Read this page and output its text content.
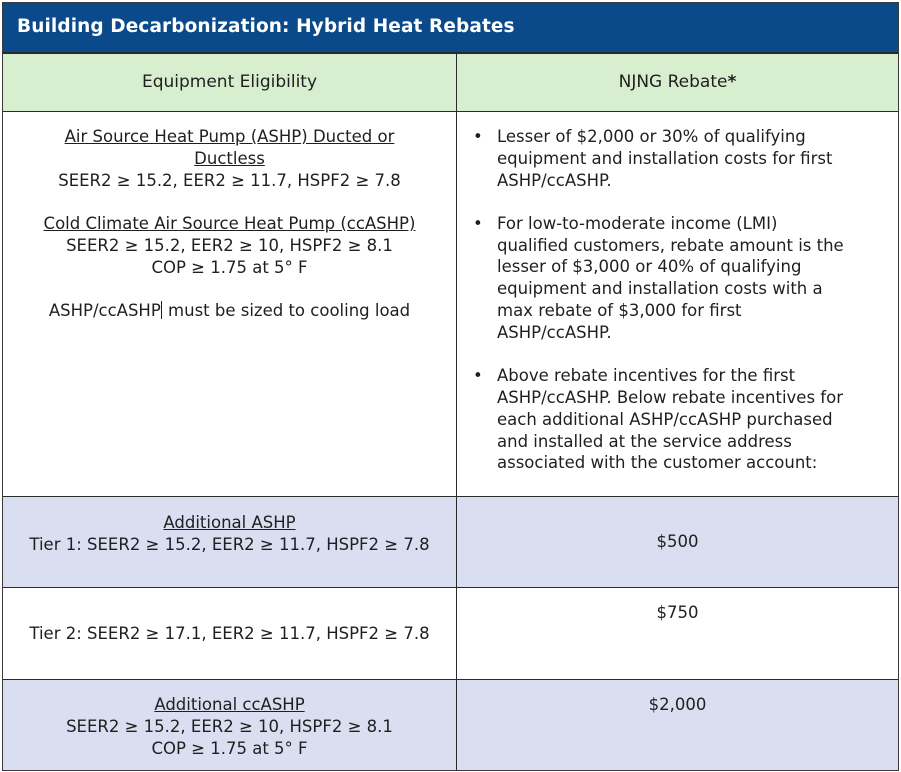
Building Decarbonization: Hybrid Heat Rebates
Equipment Eligibility	NJNG Rebate *
Air Source Heat Pump (ASHP) Ducted or
Ductless
SEER2 ≥ 15.2, EER2 ≥ 11.7, HSPF2 ≥ 7.8
Cold Climate Air Source Heat Pump (ccASHP)
SEER2 ≥ 15.2, EER2 ≥ 10, HSPF2 ≥ 8.1
COP ≥ 1.75 at 5° F
ASHP/ccASHP must be sized to cooling load
• Lesser of $2,000 or 30% of qualifying
equipment and installation costs for first
ASHP/ccASHP.
• For low-to-moderate income (LMI)
qualified customers, rebate amount is the
lesser of $3,000 or 40% of qualifying
equipment and installation costs with a
max rebate of $3,000 for first
ASHP/ccASHP.
• Above rebate incentives for the first
ASHP/ccASHP. Below rebate incentives for
each additional ASHP/ccASHP purchased
and installed at the service address
associated with the customer account:
Additional ASHP
Tier 1: SEER2 ≥ 15.2, EER2 ≥ 11.7, HSPF2 ≥ 7.8	$500
Tier 2: SEER2 ≥ 17.1, EER2 ≥ 11.7, HSPF2 ≥ 7.8
$750
Additional ccASHP
SEER2 ≥ 15.2, EER2 ≥ 10, HSPF2 ≥ 8.1
COP ≥ 1.75 at 5° F
$2,000
